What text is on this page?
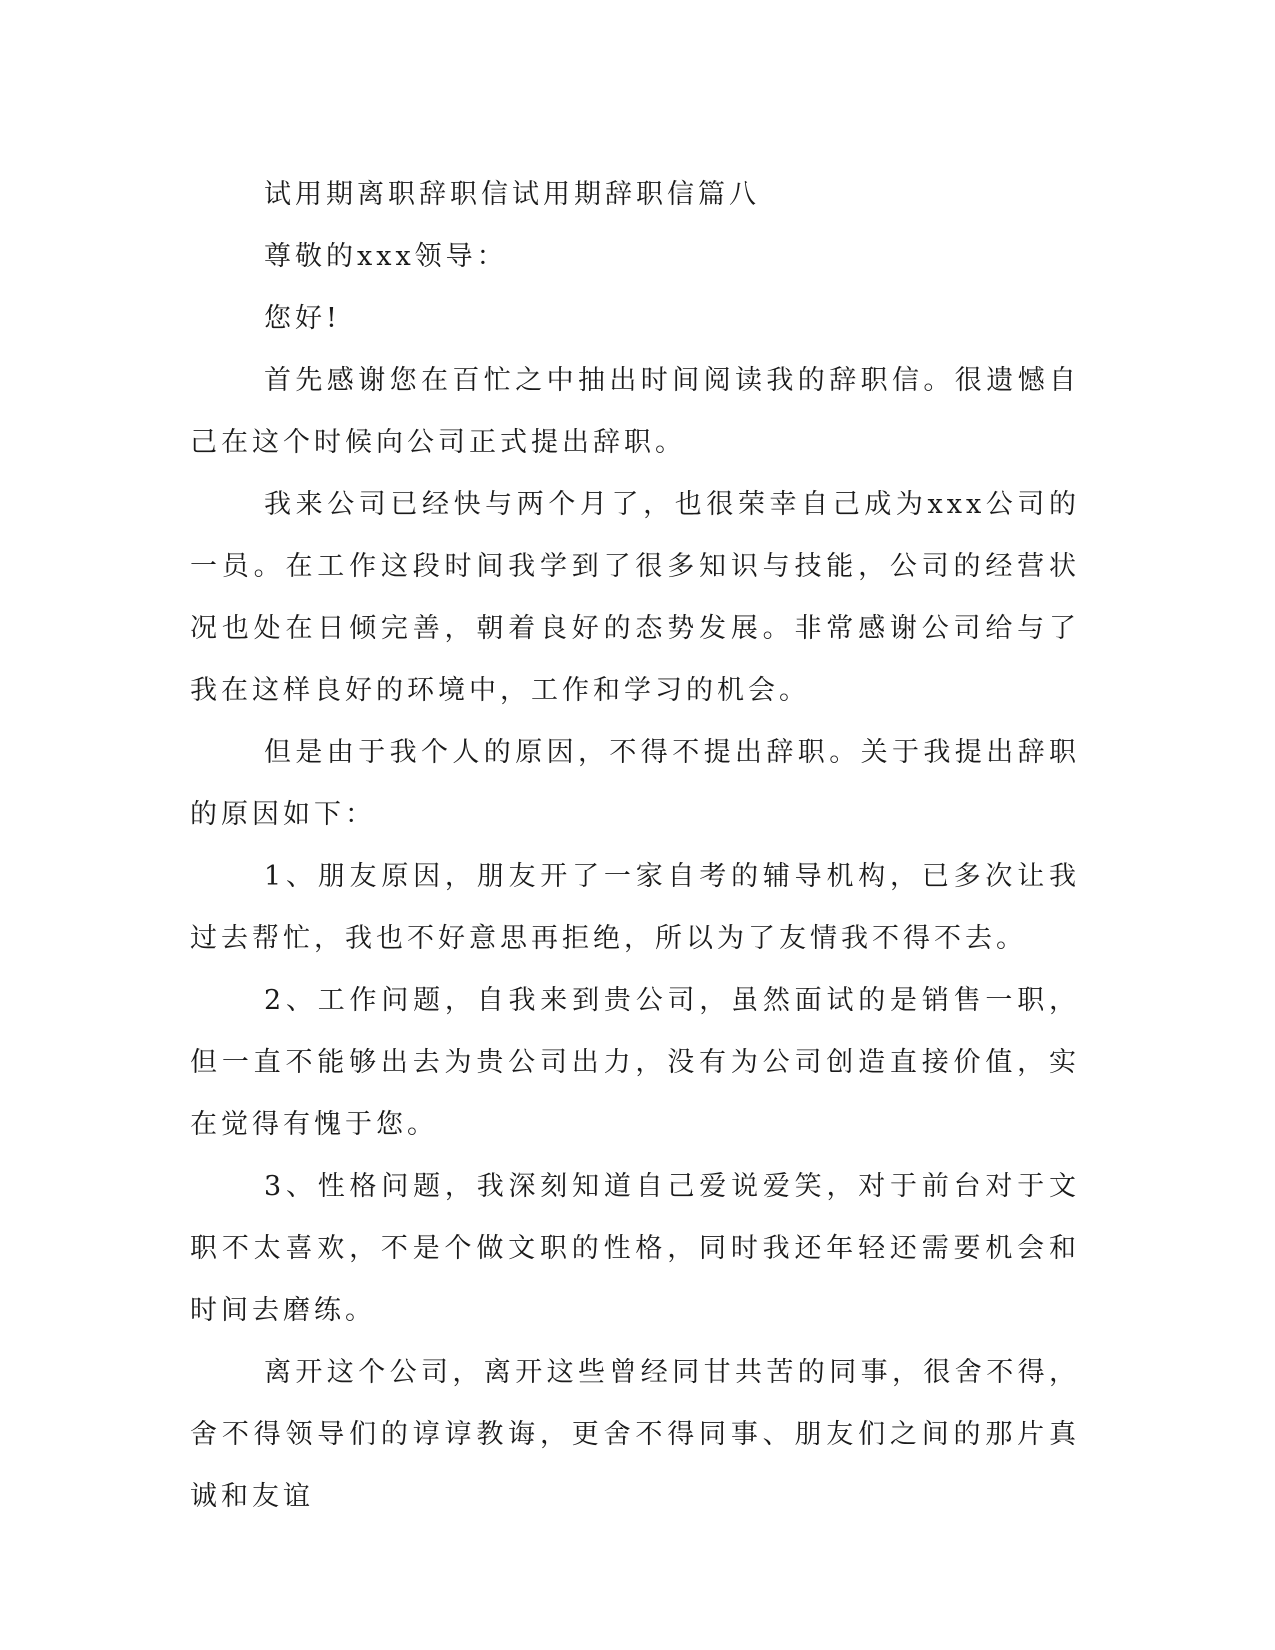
试用期离职辞职信试用期辞职信篇八

尊敬的xxx领导：

您好!

首先感谢您在百忙之中抽出时间阅读我的辞职信。很遗憾自己在这个时候向公司正式提出辞职。

我来公司已经快与两个月了，也很荣幸自己成为xxx公司的一员。在工作这段时间我学到了很多知识与技能，公司的经营状况也处在日倾完善，朝着良好的态势发展。非常感谢公司给与了我在这样良好的环境中，工作和学习的机会。

但是由于我个人的原因，不得不提出辞职。关于我提出辞职的原因如下：

1、朋友原因，朋友开了一家自考的辅导机构，已多次让我过去帮忙，我也不好意思再拒绝，所以为了友情我不得不去。

2、工作问题，自我来到贵公司，虽然面试的是销售一职，但一直不能够出去为贵公司出力，没有为公司创造直接价值，实在觉得有愧于您。

3、性格问题，我深刻知道自己爱说爱笑，对于前台对于文职不太喜欢，不是个做文职的性格，同时我还年轻还需要机会和时间去磨练。

离开这个公司，离开这些曾经同甘共苦的同事，很舍不得，舍不得领导们的谆谆教诲，更舍不得同事、朋友们之间的那片真诚和友谊
